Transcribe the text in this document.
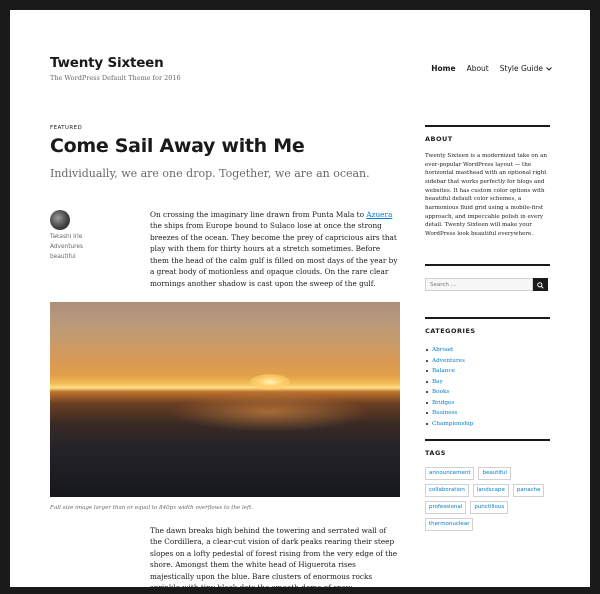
Twenty Sixteen
The WordPress Default Theme for 2016
Home About Style Guide
FEATURED
Come Sail Away with Me
Individually, we are one drop. Together, we are an ocean.
Takashi Irie
Adventures
beautiful
On crossing the imaginary line drawn from Punta Mala to Azuera the ships from Europe bound to Sulaco lose at once the strong breezes of the ocean. They become the prey of capricious airs that play with them for thirty hours at a stretch sometimes. Before them the head of the calm gulf is filled on most days of the year by a great body of motionless and opaque clouds. On the rare clear mornings another shadow is cast upon the sweep of the gulf.
Full size image larger than or equal to 840px width overflows to the left.
The dawn breaks high behind the towering and serrated wall of the Cordillera, a clear-cut vision of dark peaks rearing their steep slopes on a lofty pedestal of forest rising from the very edge of the shore. Amongst them the white head of Higuerota rises majestically upon the blue. Bare clusters of enormous rocks sprinkle with tiny black dots the smooth dome of snow.
ABOUT
Twenty Sixteen is a modernized take on an ever-popular WordPress layout — the horizontal masthead with an optional right sidebar that works perfectly for blogs and websites. It has custom color options with beautiful default color schemes, a harmonious fluid grid using a mobile-first approach, and impeccable polish in every detail. Twenty Sixteen will make your WordPress look beautiful everywhere.
Search …
CATEGORIES
Abroad
Adventures
Balance
Bay
Books
Bridges
Business
Championship
TAGS
announcement	beautiful
collaboration	landscape	panache
professional	punctilious
thermonuclear
